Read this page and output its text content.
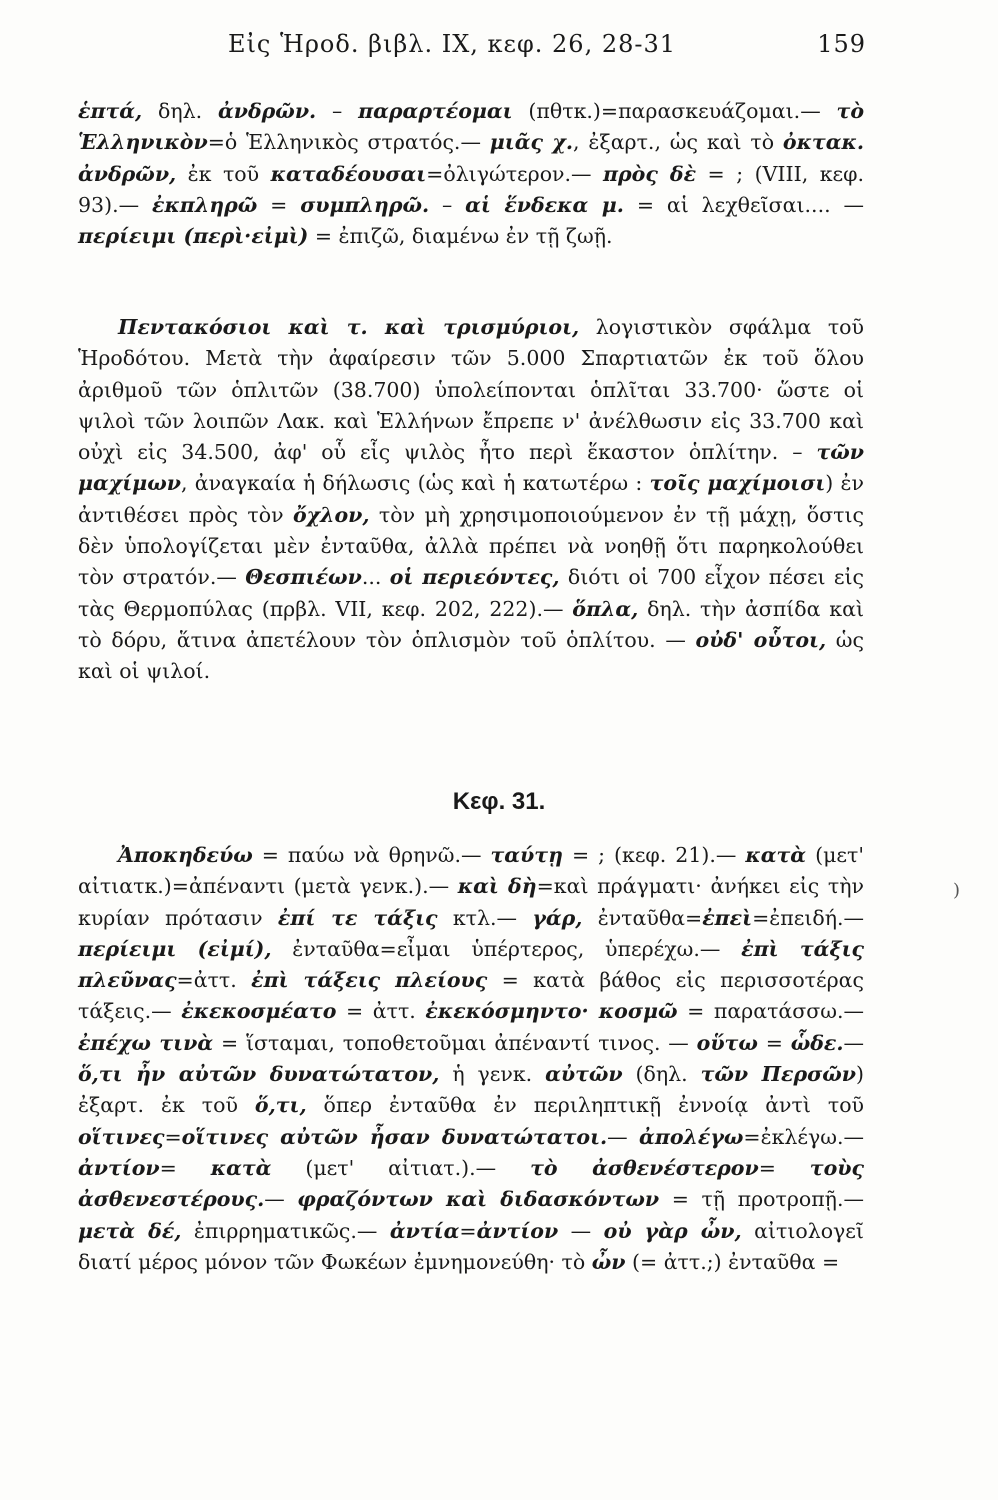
Εἰς Ἡροδ. βιβλ. IX, κεφ. 26, 28-31	159

ἑπτά, δηλ. ἀνδρῶν. – παραρτέομαι (πθτκ.)=παρασκευάζομαι.— τὸ Ἑλληνικὸν=ὁ Ἑλληνικὸς στρατός.— μιᾶς χ., ἐξαρτ., ὡς καὶ τὸ ὀκτακ. ἀνδρῶν, ἐκ τοῦ καταδέουσαι=ὀλιγώτερον.— πρὸς δὲ = ; (VIII, κεφ. 93).— ἐκπληρῶ = συμπληρῶ. – αἱ ἕνδεκα μ. = αἱ λεχθεῖσαι.... — περίειμι (περὶ·εἰμὶ) = ἐπιζῶ, διαμένω ἐν τῇ ζωῇ.

Πεντακόσιοι καὶ τ. καὶ τρισμύριοι, λογιστικὸν σφάλμα τοῦ Ἡροδότου. Μετὰ τὴν ἀφαίρεσιν τῶν 5.000 Σπαρτιατῶν ἐκ τοῦ ὅλου ἀριθμοῦ τῶν ὁπλιτῶν (38.700) ὑπολείπονται ὁπλῖται 33.700· ὥστε οἱ ψιλοὶ τῶν λοιπῶν Λακ. καὶ Ἑλλήνων ἔπρεπε ν' ἀνέλθωσιν εἰς 33.700 καὶ οὐχὶ εἰς 34.500, ἀφ' οὗ εἷς ψιλὸς ἦτο περὶ ἕκαστον ὁπλίτην. – τῶν μαχίμων, ἀναγκαία ἡ δήλωσις (ὡς καὶ ἡ κατωτέρω : τοῖς μαχίμοισι) ἐν ἀντιθέσει πρὸς τὸν ὄχλον, τὸν μὴ χρησιμοποιούμενον ἐν τῇ μάχῃ, ὅστις δὲν ὑπολογίζεται μὲν ἐνταῦθα, ἀλλὰ πρέπει νὰ νοηθῇ ὅτι παρηκολούθει τὸν στρατόν.— Θεσπιέων... οἱ περιεόντες, διότι οἱ 700 εἶχον πέσει εἰς τὰς Θερμοπύλας (πρβλ. VII, κεφ. 202, 222).— ὅπλα, δηλ. τὴν ἀσπίδα καὶ τὸ δόρυ, ἅτινα ἀπετέλουν τὸν ὁπλισμὸν τοῦ ὁπλίτου. — οὐδ' οὗτοι, ὡς καὶ οἱ ψιλοί.

Κεφ. 31.

Ἀποκηδεύω = παύω νὰ θρηνῶ.— ταύτῃ = ; (κεφ. 21).— κατὰ (μετ' αἰτιατκ.)=ἀπέναντι (μετὰ γενκ.).— καὶ δὴ=καὶ πράγματι· ἀνήκει εἰς τὴν κυρίαν πρότασιν ἐπί τε τάξις κτλ.— γάρ, ἐνταῦθα=ἐπεὶ=ἐπειδή.— περίειμι (εἰμί), ἐνταῦθα=εἶμαι ὑπέρτερος, ὑπερέχω.— ἐπὶ τάξις πλεῦνας=ἀττ. ἐπὶ τάξεις πλείους = κατὰ βάθος εἰς περισσοτέρας τάξεις.— ἐκεκοσμέατο = ἀττ. ἐκεκόσμηντο· κοσμῶ = παρατάσσω.— ἐπέχω τινὰ = ἵσταμαι, τοποθετοῦμαι ἀπέναντί τινος. — οὕτω = ὧδε.— ὅ,τι ἦν αὐτῶν δυνατώτατον, ἡ γενκ. αὐτῶν (δηλ. τῶν Περσῶν) ἐξαρτ. ἐκ τοῦ ὅ,τι, ὅπερ ἐνταῦθα ἐν περιληπτικῇ ἐννοίᾳ ἀντὶ τοῦ οἵτινες=οἵτινες αὐτῶν ἦσαν δυνατώτατοι.— ἀπολέγω=ἐκλέγω.— ἀντίον= κατὰ (μετ' αἰτιατ.).— τὸ ἀσθενέστερον= τοὺς ἀσθενεστέρους.— φραζόντων καὶ διδασκόντων = τῇ προτροπῇ.— μετὰ δέ, ἐπιρρηματικῶς.— ἀντία=ἀντίον — οὐ γὰρ ὦν, αἰτιολογεῖ διατί μέρος μόνον τῶν Φωκέων ἐμνημονεύθη· τὸ ὦν (= ἀττ.;) ἐνταῦθα =

)
